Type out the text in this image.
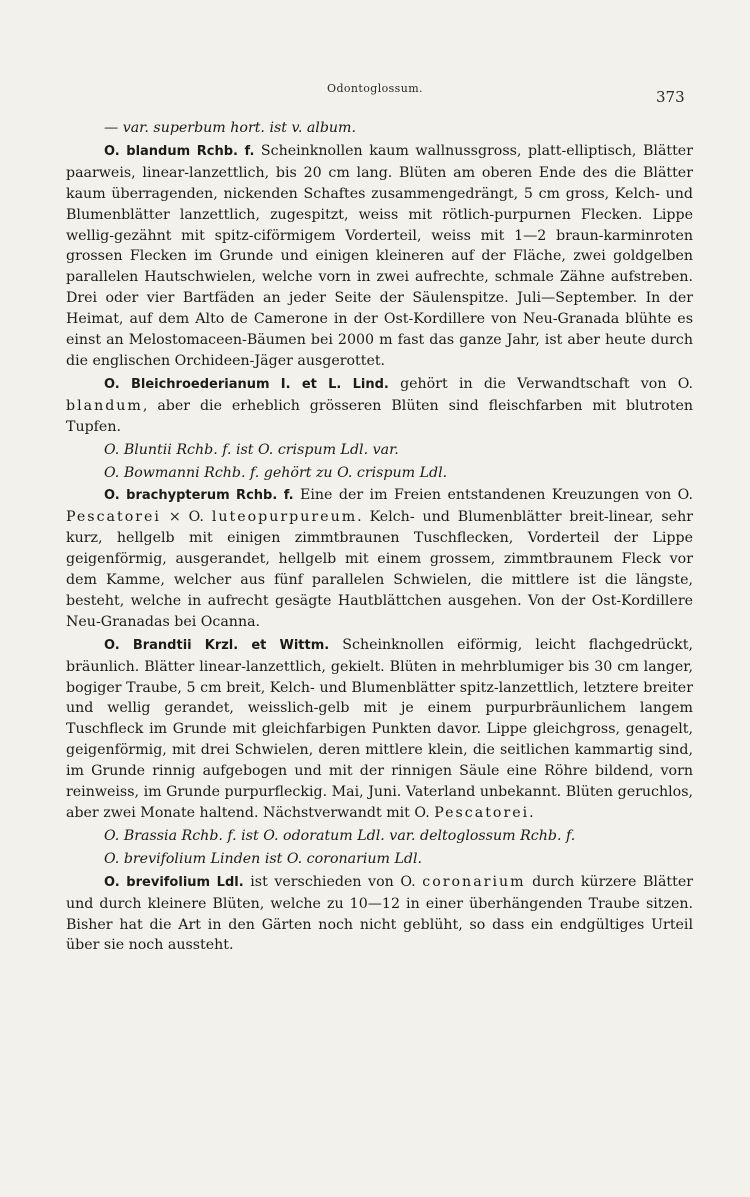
Odontoglossum.	373

— var. superbum hort. ist v. album.

O. blandum Rchb. f. Scheinknollen kaum wallnussgross, platt-elliptisch, Blätter paarweis, linear-lanzettlich, bis 20 cm lang. Blüten am oberen Ende des die Blätter kaum überragenden, nickenden Schaftes zusammengedrängt, 5 cm gross, Kelch- und Blumenblätter lanzettlich, zugespitzt, weiss mit rötlich-purpurnen Flecken. Lippe wellig-gezähnt mit spitz-ciförmigem Vorderteil, weiss mit 1—2 braun-karminroten grossen Flecken im Grunde und einigen kleineren auf der Fläche, zwei goldgelben parallelen Hautschwielen, welche vorn in zwei aufrechte, schmale Zähne aufstreben. Drei oder vier Bartfäden an jeder Seite der Säulenspitze. Juli—September. In der Heimat, auf dem Alto de Camerone in der Ost-Kordillere von Neu-Granada blühte es einst an Melostomaceen-Bäumen bei 2000 m fast das ganze Jahr, ist aber heute durch die englischen Orchideen-Jäger ausgerottet.

O. Bleichroederianum I. et L. Lind. gehört in die Verwandtschaft von O. blandum, aber die erheblich grösseren Blüten sind fleischfarben mit blutroten Tupfen.

O. Bluntii Rchb. f. ist O. crispum Ldl. var.

O. Bowmanni Rchb. f. gehört zu O. crispum Ldl.

O. brachypterum Rchb. f. Eine der im Freien entstandenen Kreuzungen von O. Pescatorei × O. luteopurpureum. Kelch- und Blumenblätter breit-linear, sehr kurz, hellgelb mit einigen zimmtbraunen Tuschflecken, Vorderteil der Lippe geigenförmig, ausgerandet, hellgelb mit einem grossem, zimmtbraunem Fleck vor dem Kamme, welcher aus fünf parallelen Schwielen, die mittlere ist die längste, besteht, welche in aufrecht gesägte Hautblättchen ausgehen. Von der Ost-Kordillere Neu-Granadas bei Ocanna.

O. Brandtii Krzl. et Wittm. Scheinknollen eiförmig, leicht flachgedrückt, bräunlich. Blätter linear-lanzettlich, gekielt. Blüten in mehrblumiger bis 30 cm langer, bogiger Traube, 5 cm breit, Kelch- und Blumenblätter spitz-lanzettlich, letztere breiter und wellig gerandet, weisslich-gelb mit je einem purpurbräunlichem langem Tuschfleck im Grunde mit gleichfarbigen Punkten davor. Lippe gleichgross, genagelt, geigenförmig, mit drei Schwielen, deren mittlere klein, die seitlichen kammartig sind, im Grunde rinnig aufgebogen und mit der rinnigen Säule eine Röhre bildend, vorn reinweiss, im Grunde purpurfleckig. Mai, Juni. Vaterland unbekannt. Blüten geruchlos, aber zwei Monate haltend. Nächstverwandt mit O. Pescatorei.

O. Brassia Rchb. f. ist O. odoratum Ldl. var. deltoglossum Rchb. f.

O. brevifolium Linden ist O. coronarium Ldl.

O. brevifolium Ldl. ist verschieden von O. coronarium durch kürzere Blätter und durch kleinere Blüten, welche zu 10—12 in einer überhängenden Traube sitzen. Bisher hat die Art in den Gärten noch nicht geblüht, so dass ein endgültiges Urteil über sie noch aussteht.
